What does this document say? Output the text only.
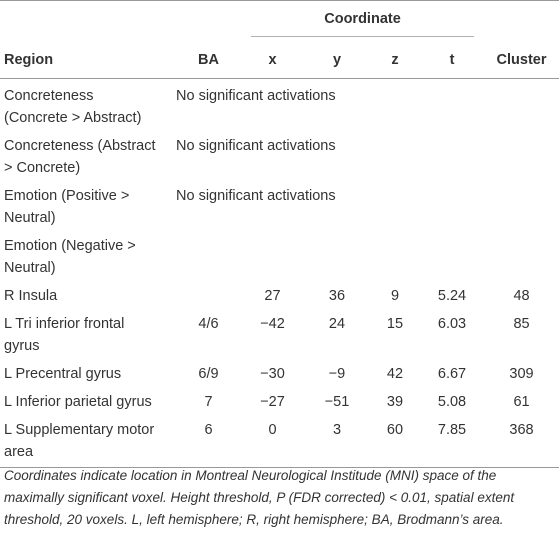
		Coordinate				

Region	BA	x	y	z	t	Cluster

Concreteness
(Concrete > Abstract)	No significant activations					

Concreteness (Abstract
> Concrete)	No significant activations					

Emotion (Positive >
Neutral)	No significant activations					

Emotion (Negative >
Neutral)						

R Insula		27	36	9	5.24	48

L Tri inferior frontal
gyrus	4/6	−42	24	15	6.03	85
L Precentral gyrus	6/9	−30	−9	42	6.67	309
L Inferior parietal gyrus	7	−27	−51	39	5.08	61

L Supplementary motor
area	6	0	3	60	7.85	368
Coordinates indicate location in Montreal Neurological Institude (MNI) space of the maximally significant voxel. Height threshold, P (FDR corrected) < 0.01, spatial extent threshold, 20 voxels. L, left hemisphere; R, right hemisphere; BA, Brodmann’s area.
